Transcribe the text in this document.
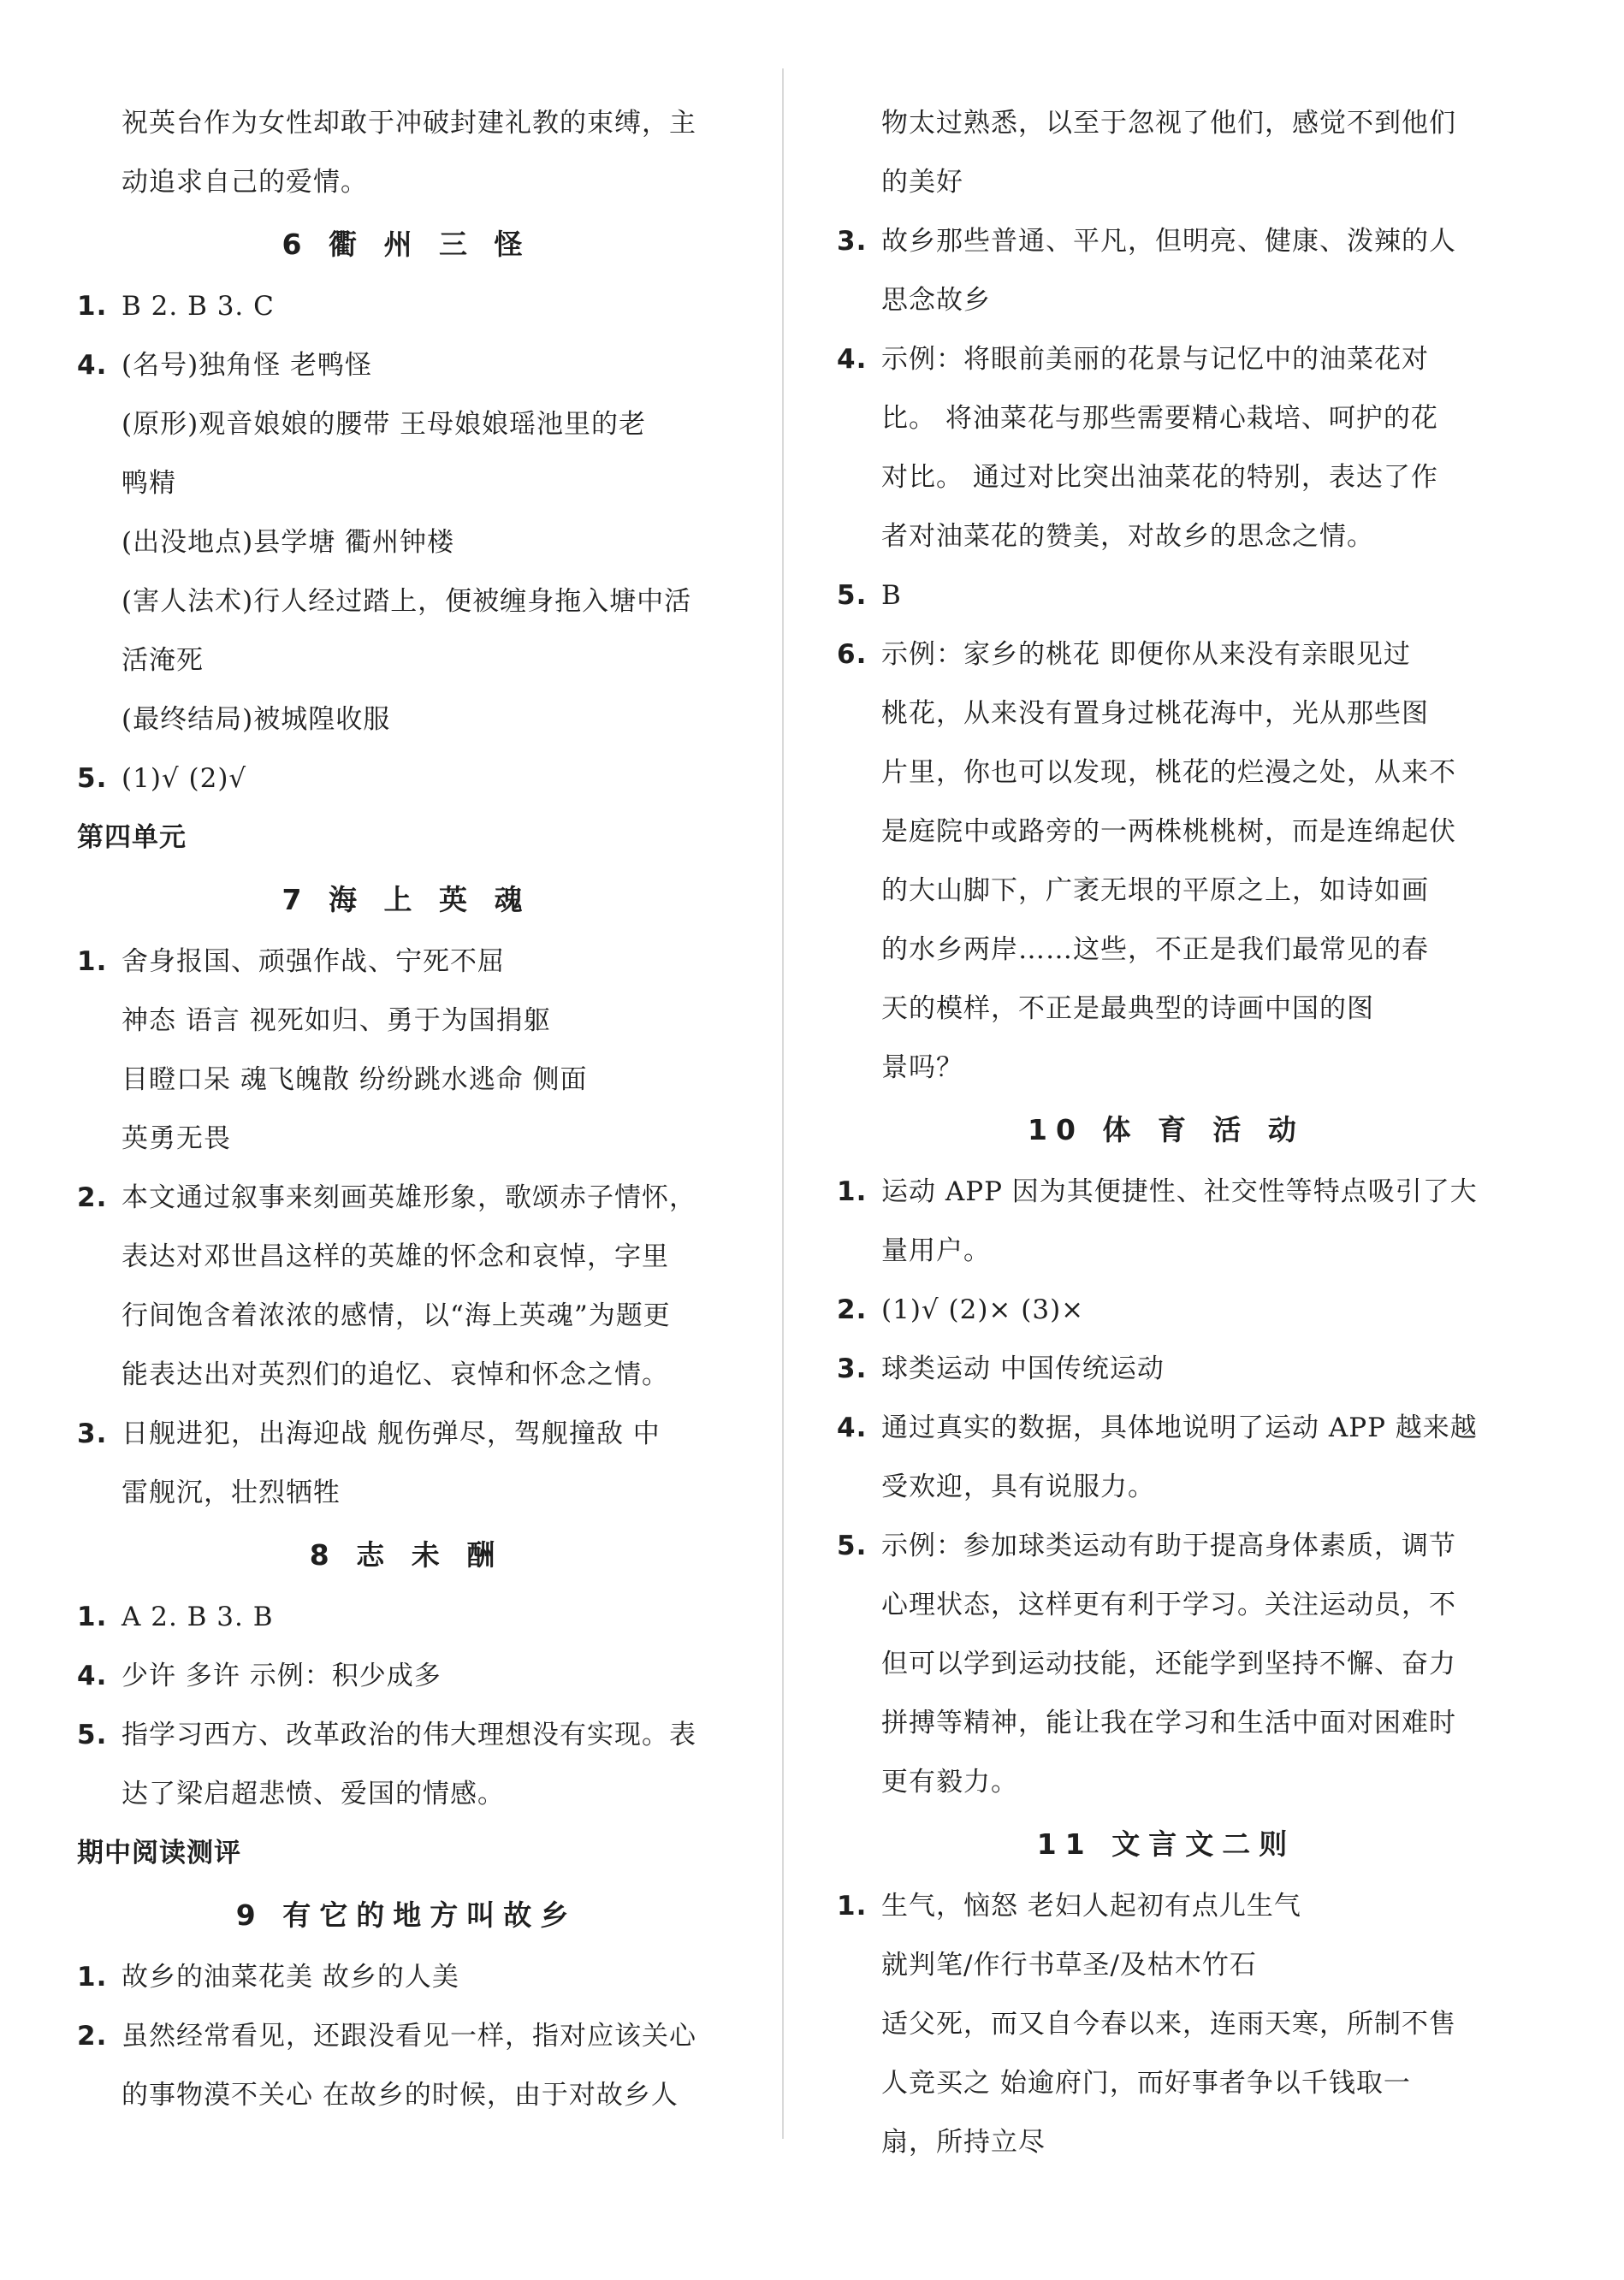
祝英台作为女性却敢于冲破封建礼教的束缚，主
动追求自己的爱情。
6 衢 州 三 怪
1. B 2. B 3. C
4. (名号)独角怪 老鸭怪
(原形)观音娘娘的腰带 王母娘娘瑶池里的老
鸭精
(出没地点)县学塘 衢州钟楼
(害人法术)行人经过踏上，便被缠身拖入塘中活
活淹死
(最终结局)被城隍收服
5. (1)√ (2)√
第四单元
7 海 上 英 魂
1. 舍身报国、顽强作战、宁死不屈
神态 语言 视死如归、勇于为国捐躯
目瞪口呆 魂飞魄散 纷纷跳水逃命 侧面
英勇无畏
2. 本文通过叙事来刻画英雄形象，歌颂赤子情怀，
表达对邓世昌这样的英雄的怀念和哀悼，字里
行间饱含着浓浓的感情，以“海上英魂”为题更
能表达出对英烈们的追忆、哀悼和怀念之情。
3. 日舰进犯，出海迎战 舰伤弹尽，驾舰撞敌 中
雷舰沉，壮烈牺牲
8 志 未 酬
1. A 2. B 3. B
4. 少许 多许 示例：积少成多
5. 指学习西方、改革政治的伟大理想没有实现。表
达了梁启超悲愤、爱国的情感。
期中阅读测评
9 有它的地方叫故乡
1. 故乡的油菜花美 故乡的人美
2. 虽然经常看见，还跟没看见一样，指对应该关心
的事物漠不关心 在故乡的时候，由于对故乡人
物太过熟悉，以至于忽视了他们，感觉不到他们
的美好
3. 故乡那些普通、平凡，但明亮、健康、泼辣的人
思念故乡
4. 示例：将眼前美丽的花景与记忆中的油菜花对
比。 将油菜花与那些需要精心栽培、呵护的花
对比。 通过对比突出油菜花的特别，表达了作
者对油菜花的赞美，对故乡的思念之情。
5. B
6. 示例：家乡的桃花 即便你从来没有亲眼见过
桃花，从来没有置身过桃花海中，光从那些图
片里，你也可以发现，桃花的烂漫之处，从来不
是庭院中或路旁的一两株桃桃树，而是连绵起伏
的大山脚下，广袤无垠的平原之上，如诗如画
的水乡两岸……这些，不正是我们最常见的春
天的模样，不正是最典型的诗画中国的图
景吗？
10 体 育 活 动
1. 运动 APP 因为其便捷性、社交性等特点吸引了大
量用户。
2. (1)√ (2)× (3)×
3. 球类运动 中国传统运动
4. 通过真实的数据，具体地说明了运动 APP 越来越
受欢迎，具有说服力。
5. 示例：参加球类运动有助于提高身体素质，调节
心理状态，这样更有利于学习。关注运动员，不
但可以学到运动技能，还能学到坚持不懈、奋力
拼搏等精神，能让我在学习和生活中面对困难时
更有毅力。
11 文言文二则
1. 生气，恼怒 老妇人起初有点儿生气
就判笔/作行书草圣/及枯木竹石
适父死，而又自今春以来，连雨天寒，所制不售
人竞买之 始逾府门，而好事者争以千钱取一
扇，所持立尽
